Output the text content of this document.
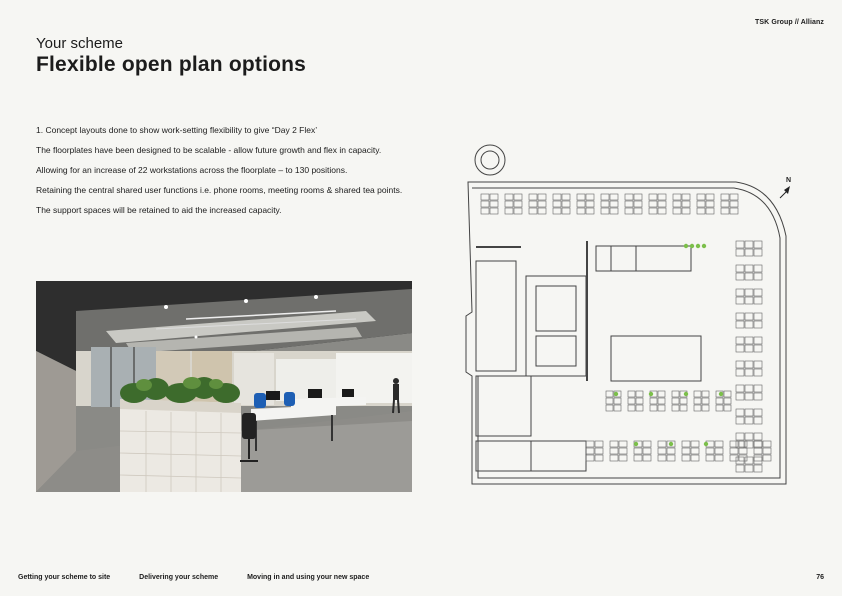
TSK Group // Allianz
Your scheme
Flexible open plan options

1. Concept layouts done to show work-setting flexibility to give “Day 2 Flex’

The floorplates have been designed to be scalable - allow future growth and flex in capacity.

Allowing for an increase of 22 workstations across the floorplate – to 130 positions.

Retaining the central shared user functions i.e. phone rooms, meeting rooms & shared tea points.

The support spaces will be retained to aid the increased capacity.

N
Getting your scheme to site	Delivering your scheme	Moving in and using your new space	76
